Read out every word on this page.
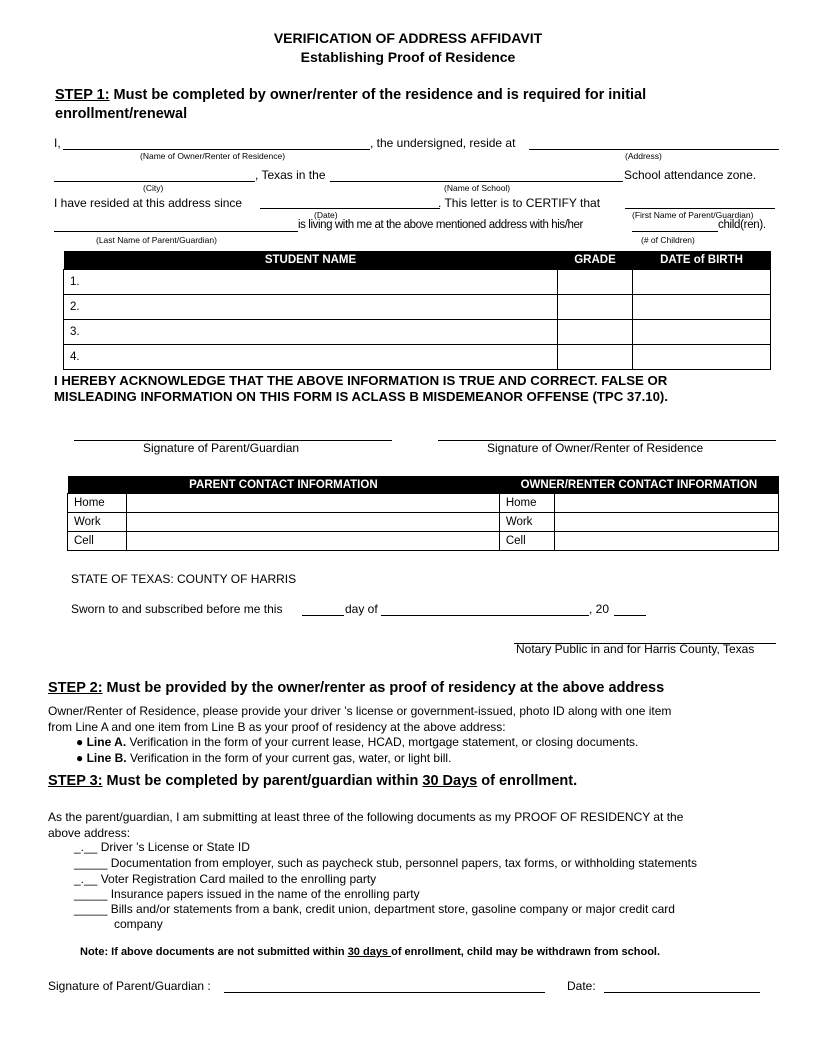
VERIFICATION OF ADDRESS AFFIDAVIT
Establishing Proof of Residence
STEP 1: Must be completed by owner/renter of the residence and is required for initial
enrollment/renewal
I,	, the undersigned, reside at
(Name of Owner/Renter of Residence)	(Address)
, Texas in the	School attendance zone.
(City)	(Name of School)
I have resided at this address since	. This letter is to CERTIFY that
(Date)	(First Name of Parent/Guardian)
is living with me at the above mentioned address with his/her	child(ren).
(Last Name of Parent/Guardian)	(# of Children)
STUDENT NAME	GRADE	DATE of BIRTH
1.		
2.		
3.		
4.		
I HEREBY ACKNOWLEDGE THAT THE ABOVE INFORMATION IS TRUE AND CORRECT. FALSE OR
MISLEADING INFORMATION ON THIS FORM IS ACLASS B MISDEMEANOR OFFENSE (TPC 37.10).
Signature of Parent/Guardian	Signature of Owner/Renter of Residence
PARENT CONTACT INFORMATION		OWNER/RENTER CONTACT INFORMATION	
Home		Home	
Work		Work	
Cell		Cell	
STATE OF TEXAS: COUNTY OF HARRIS
Sworn to and subscribed before me this	day of	, 20
Notary Public in and for Harris County, Texas
STEP 2: Must be provided by the owner/renter as proof of residency at the above address
Owner/Renter of Residence, please provide your driver ’s license or government-issued, photo ID along with one item
from Line A and one item from Line B as your proof of residency at the above address:
● Line A. Verification in the form of your current lease, HCAD, mortgage statement, or closing documents.
● Line B. Verification in the form of your current gas, water, or light bill.
STEP 3: Must be completed by parent/guardian within 30 Days of enrollment.
As the parent/guardian, I am submitting at least three of the following documents as my PROOF OF RESIDENCY at the
above address:
_.__ Driver ’s License or State ID
_____ Documentation from employer, such as paycheck stub, personnel papers, tax forms, or withholding statements
_.__ Voter Registration Card mailed to the enrolling party
_____ Insurance papers issued in the name of the enrolling party
_____ Bills and/or statements from a bank, credit union, department store, gasoline company or major credit card
company
Note: If above documents are not submitted within 30 days of enrollment, child may be withdrawn from school.
Signature of Parent/Guardian :	Date:
